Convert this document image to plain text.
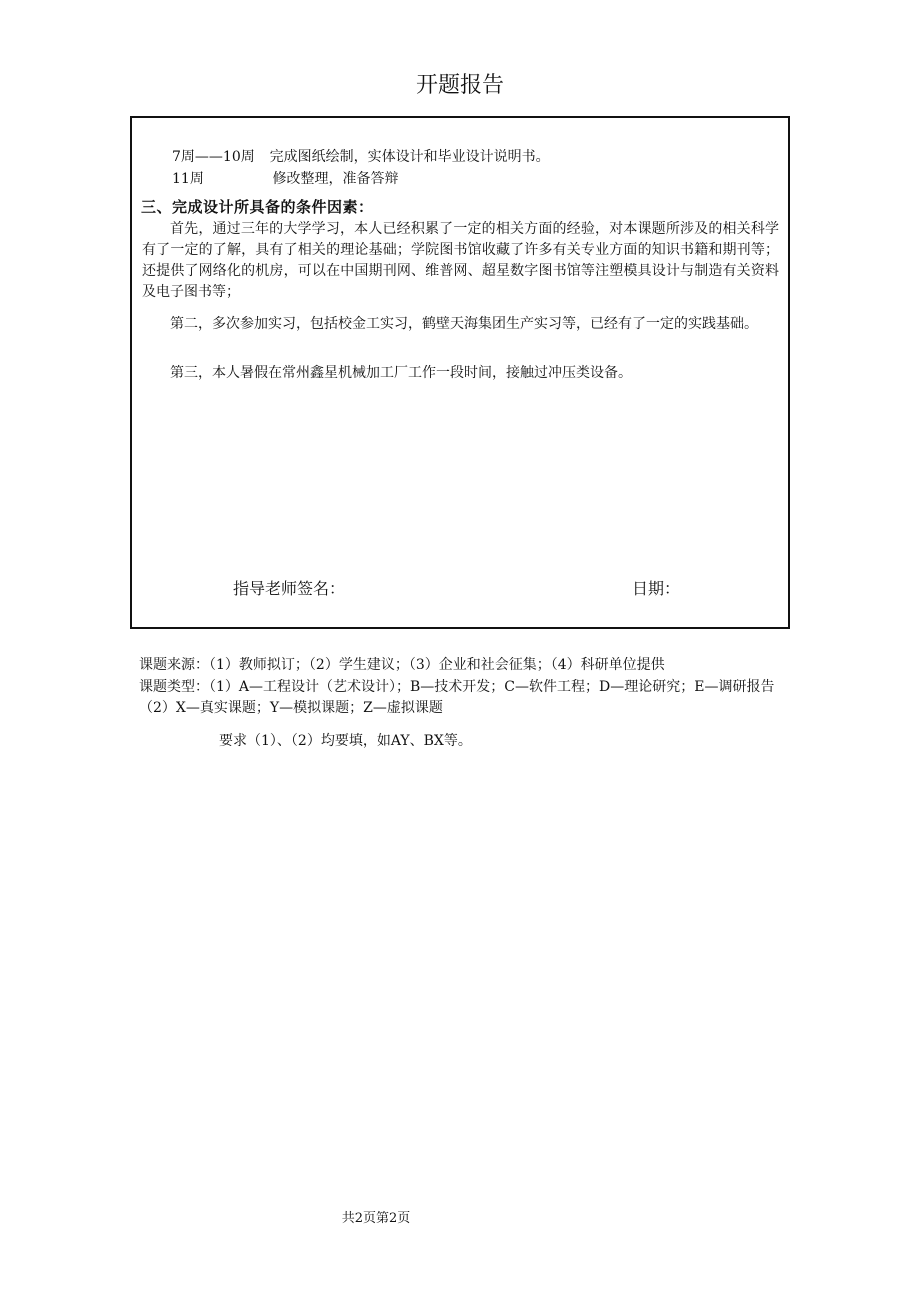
开题报告
7周——10周 完成图纸绘制，实体设计和毕业设计说明书。
11周	修改整理，准备答辩
三、完成设计所具备的条件因素：

首先，通过三年的大学学习，本人已经积累了一定的相关方面的经验，对本课题所涉及的相关科学有了一定的了解，具有了相关的理论基础；学院图书馆收藏了许多有关专业方面的知识书籍和期刊等；还提供了网络化的机房，可以在中国期刊网、维普网、超星数字图书馆等注塑模具设计与制造有关资料及电子图书等；

第二，多次参加实习，包括校金工实习，鹤壁天海集团生产实习等，已经有了一定的实践基础。

第三，本人暑假在常州鑫星机械加工厂工作一段时间，接触过冲压类设备。

指导老师签名：	日期：

课题来源：（1）教师拟订；（2）学生建议；（3）企业和社会征集；（4）科研单位提供

课题类型：（1）A—工程设计（艺术设计）；B—技术开发；C—软件工程；D—理论研究；E—调研报告（2）X—真实课题；Y—模拟课题；Z—虚拟课题

要求（1）、（2）均要填，如AY、BX等。

共2页第2页
